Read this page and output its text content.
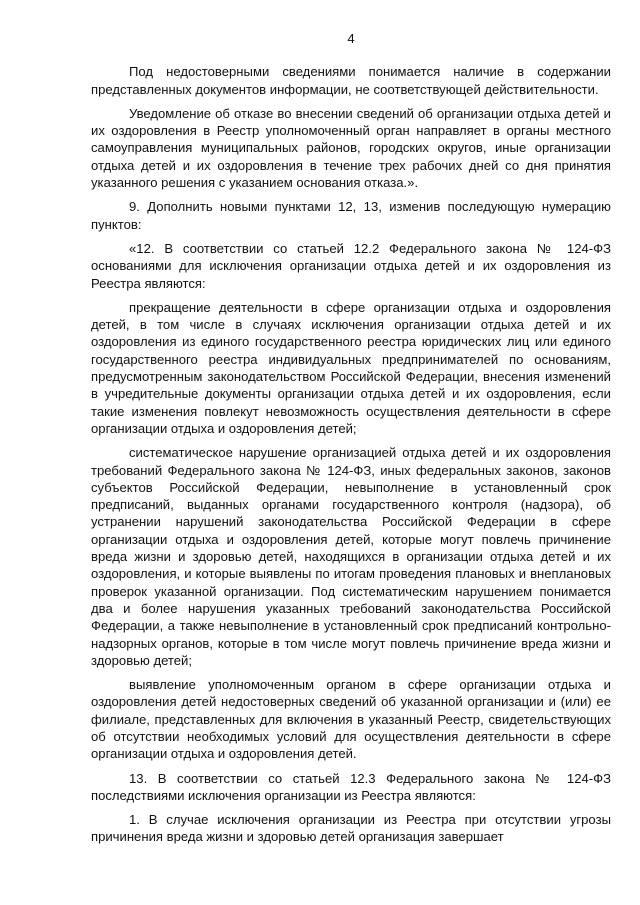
4

Под недостоверными сведениями понимается наличие в содержании представленных документов информации, не соответствующей действительности.

Уведомление об отказе во внесении сведений об организации отдыха детей и их оздоровления в Реестр уполномоченный орган направляет в органы местного самоуправления муниципальных районов, городских округов, иные организации отдыха детей и их оздоровления в течение трех рабочих дней со дня принятия указанного решения с указанием основания отказа.».

9. Дополнить новыми пунктами 12, 13, изменив последующую нумерацию пунктов:

«12. В соответствии со статьей 12.2 Федерального закона № 124-ФЗ основаниями для исключения организации отдыха детей и их оздоровления из Реестра являются:

прекращение деятельности в сфере организации отдыха и оздоровления детей, в том числе в случаях исключения организации отдыха детей и их оздоровления из единого государственного реестра юридических лиц или единого государственного реестра индивидуальных предпринимателей по основаниям, предусмотренным законодательством Российской Федерации, внесения изменений в учредительные документы организации отдыха детей и их оздоровления, если такие изменения повлекут невозможность осуществления деятельности в сфере организации отдыха и оздоровления детей;

систематическое нарушение организацией отдыха детей и их оздоровления требований Федерального закона № 124-ФЗ, иных федеральных законов, законов субъектов Российской Федерации, невыполнение в установленный срок предписаний, выданных органами государственного контроля (надзора), об устранении нарушений законодательства Российской Федерации в сфере организации отдыха и оздоровления детей, которые могут повлечь причинение вреда жизни и здоровью детей, находящихся в организации отдыха детей и их оздоровления, и которые выявлены по итогам проведения плановых и внеплановых проверок указанной организации. Под систематическим нарушением понимается два и более нарушения указанных требований законодательства Российской Федерации, а также невыполнение в установленный срок предписаний контрольно-надзорных органов, которые в том числе могут повлечь причинение вреда жизни и здоровью детей;

выявление уполномоченным органом в сфере организации отдыха и оздоровления детей недостоверных сведений об указанной организации и (или) ее филиале, представленных для включения в указанный Реестр, свидетельствующих об отсутствии необходимых условий для осуществления деятельности в сфере организации отдыха и оздоровления детей.

13. В соответствии со статьей 12.3 Федерального закона № 124-ФЗ последствиями исключения организации из Реестра являются:

1. В случае исключения организации из Реестра при отсутствии угрозы причинения вреда жизни и здоровью детей организация завершает
